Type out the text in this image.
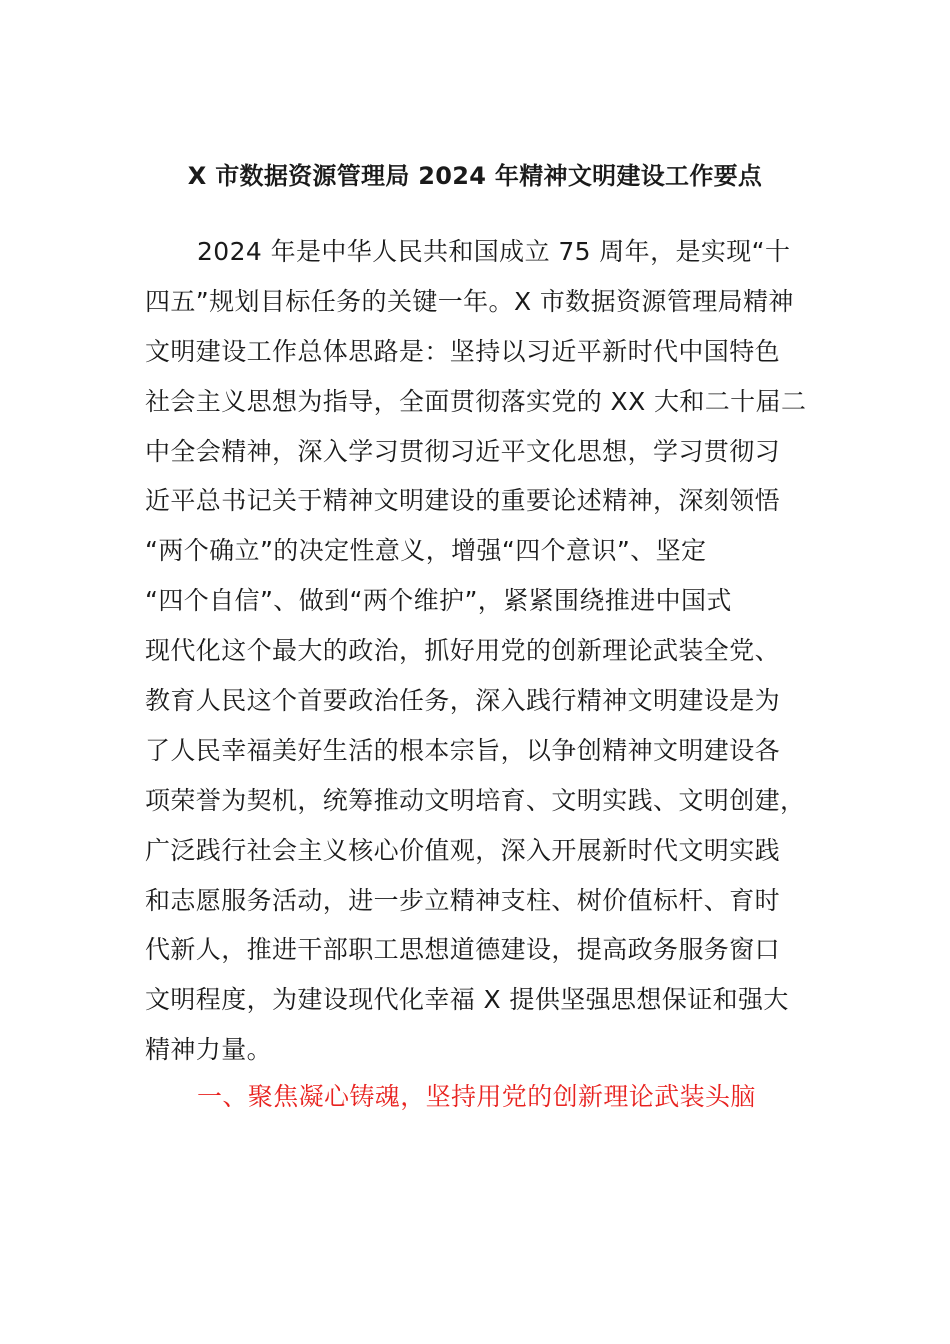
X 市数据资源管理局 2024 年精神文明建设工作要点
2024 年是中华人民共和国成立 75 周年，是实现“十
四五”规划目标任务的关键一年。X 市数据资源管理局精神
文明建设工作总体思路是：坚持以习近平新时代中国特色
社会主义思想为指导，全面贯彻落实党的 XX 大和二十届二
中全会精神，深入学习贯彻习近平文化思想，学习贯彻习
近平总书记关于精神文明建设的重要论述精神，深刻领悟
“两个确立”的决定性意义，增强“四个意识”、坚定
“四个自信”、做到“两个维护”，紧紧围绕推进中国式
现代化这个最大的政治，抓好用党的创新理论武装全党、
教育人民这个首要政治任务，深入践行精神文明建设是为
了人民幸福美好生活的根本宗旨，以争创精神文明建设各
项荣誉为契机，统筹推动文明培育、文明实践、文明创建，
广泛践行社会主义核心价值观，深入开展新时代文明实践
和志愿服务活动，进一步立精神支柱、树价值标杆、育时
代新人，推进干部职工思想道德建设，提高政务服务窗口
文明程度，为建设现代化幸福 X 提供坚强思想保证和强大
精神力量。
一、聚焦凝心铸魂，坚持用党的创新理论武装头脑
